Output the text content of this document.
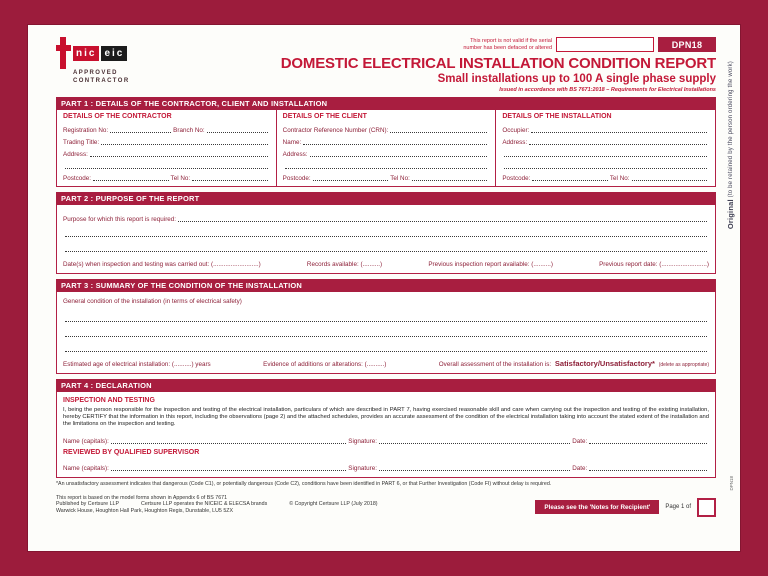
nic eic
APPROVED
CONTRACTOR
This report is not valid if the serial
number has been defaced or altered	DPN18
DOMESTIC ELECTRICAL INSTALLATION CONDITION REPORT
Small installations up to 100 A single phase supply
Issued in accordance with BS 7671:2018 – Requirements for Electrical Installations
PART 1 : DETAILS OF THE CONTRACTOR, CLIENT AND INSTALLATION
DETAILS OF THE CONTRACTOR
Registration No:	Branch No:
Trading Title:
Address:
Postcode:	Tel No:
DETAILS OF THE CLIENT
Contractor Reference Number (CRN):
Name:
Address:
Postcode:	Tel No:
DETAILS OF THE INSTALLATION
Occupier:
Address:
Postcode:	Tel No:
PART 2 : PURPOSE OF THE REPORT
Purpose for which this report is required:
Date(s) when inspection and testing was carried out: (..........................)	Records available: (..........)	Previous inspection report available: (..........)	Previous report date: (..........................)
PART 3 : SUMMARY OF THE CONDITION OF THE INSTALLATION
General condition of the installation (in terms of electrical safety)
Estimated age of electrical installation: (..........) years	Evidence of additions or alterations: (..........)	Overall assessment of the installation is: Satisfactory/Unsatisfactory* (delete as appropriate)
PART 4 : DECLARATION
INSPECTION AND TESTING
I, being the person responsible for the inspection and testing of the electrical installation, particulars of which are described in PART 7, having exercised reasonable skill and care when carrying out the inspection and testing of the existing installation, hereby CERTIFY that the information in this report, including the observations (page 2) and the attached schedules, provides an accurate assessment of the condition of the electrical installation taking into account the stated extent of the installation and the limitations on the inspection and testing.
Name (capitals):	Signature:	Date:
REVIEWED BY QUALIFIED SUPERVISOR
Name (capitals):	Signature:	Date:
*An unsatisfactory assessment indicates that dangerous (Code C1), or potentially dangerous (Code C2), conditions have been identified in PART 6, or that Further Investigation (Code FI) without delay is required.
This report is based on the model forms shown in Appendix 6 of BS 7671
Published by Certsure LLP	Certsure LLP operates the NICEIC & ELECSA brands	© Copyright Certsure LLP (July 2018)
Warwick House, Houghton Hall Park, Houghton Regis, Dunstable, LU5 5ZX
Please see the 'Notes for Recipient'	Page 1 of
Original (to be retained by the person ordering the work)
DPN18
